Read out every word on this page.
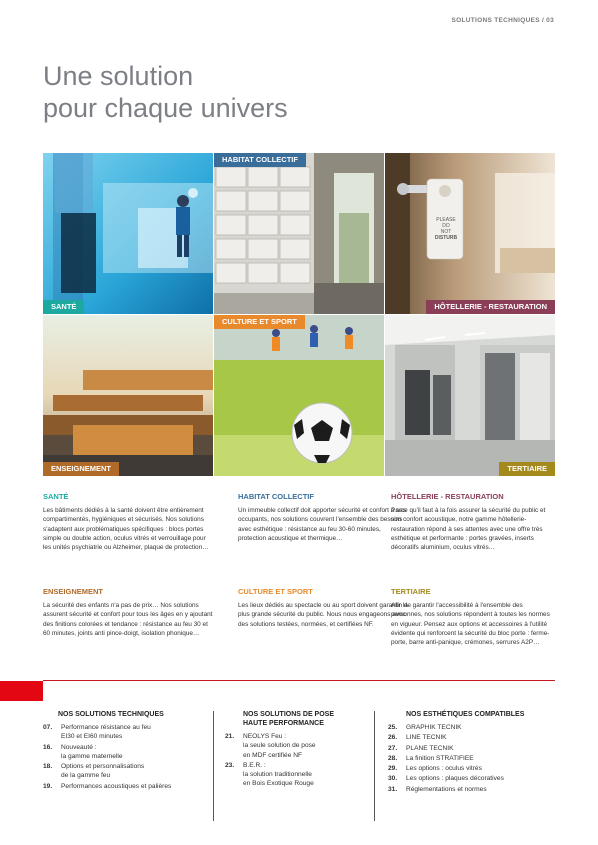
SOLUTIONS TECHNIQUES / 03
Une solution
pour chaque univers
SANTÉ
HABITAT COLLECTIF
PLEASE
DO
NOT
DISTURB
HÔTELLERIE - RESTAURATION
ENSEIGNEMENT
CULTURE ET SPORT
TERTIAIRE
SANTÉ

Les bâtiments dédiés à la santé doivent être entièrement compartimentés, hygiéniques et sécurisés. Nos solutions s'adaptent aux problématiques spécifiques : blocs portes simple ou double action, oculus vitrés et verrouillage pour les unités psychiatrie ou Alzheimer, plaque de protection…

HABITAT COLLECTIF

Un immeuble collectif doit apporter sécurité et confort à ses occupants, nos solutions couvrent l'ensemble des besoins avec esthétique : résistance au feu 30-60 minutes, protection acoustique et thermique…

HÔTELLERIE - RESTAURATION

Parce qu'il faut à la fois assurer la sécurité du public et son confort acoustique, notre gamme hôtellerie-restauration répond à ses attentes avec une offre très esthétique et performante : portes gravées, inserts décoratifs aluminium, oculus vitrés…

ENSEIGNEMENT

La sécurité des enfants n'a pas de prix… Nos solutions assurent sécurité et confort pour tous les âges en y ajoutant des finitions colorées et tendance : résistance au feu 30 et 60 minutes, joints anti pince-doigt, isolation phonique…

CULTURE ET SPORT

Les lieux dédiés au spectacle ou au sport doivent garantir la plus grande sécurité du public. Nous nous engageons avec des solutions testées, normées, et certifiées NF.

TERTIAIRE

Afin de garantir l'accessibilité à l'ensemble des personnes, nos solutions répondent à toutes les normes en vigueur. Pensez aux options et accessoires à l'utilité évidente qui renforcent la sécurité du bloc porte : ferme-porte, barre anti-panique, crémones, serrures A2P…

NOS SOLUTIONS TECHNIQUES
07.	Performance résistance au feu
EI30 et EI60 minutes
16.	Nouveauté :
la gamme maternelle
18.	Options et personnalisations
de la gamme feu
19.	Performances acoustiques et palières
NOS SOLUTIONS DE POSE
HAUTE PERFORMANCE
21.	NEOLYS Feu :
la seule solution de pose
en MDF certifiée NF
23.	B.E.R. :
la solution traditionnelle
en Bois Exotique Rouge
NOS ESTHÉTIQUES COMPATIBLES
25.	GRAPHIK TECNIK
26.	LINE TECNIK
27.	PLANE TECNIK
28.	La finition STRATIFIEE
29.	Les options : oculus vitrés
30.	Les options : plaques décoratives
31.	Réglementations et normes
